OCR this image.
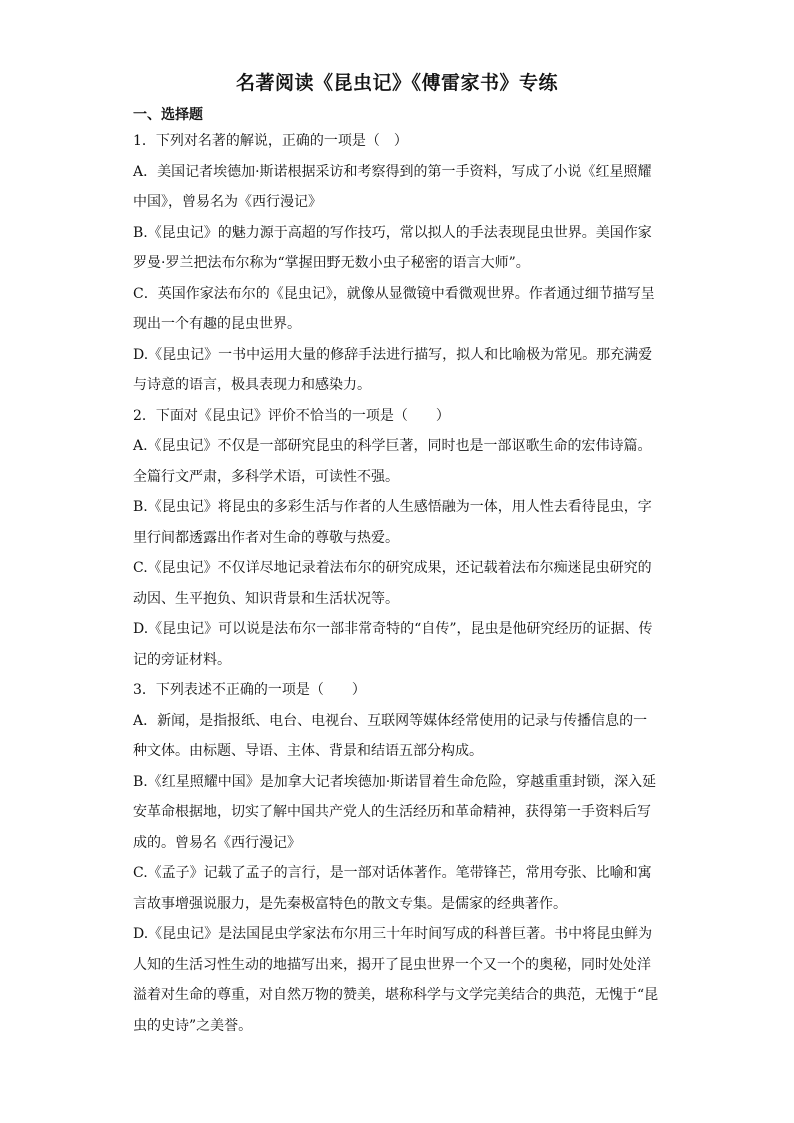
名著阅读《昆虫记》《傅雷家书》专练
一、选择题
1．下列对名著的解说，正确的一项是（　）
A．美国记者埃德加·斯诺根据采访和考察得到的第一手资料，写成了小说《红星照耀
中国》，曾易名为《西行漫记》
B.《昆虫记》的魅力源于高超的写作技巧，常以拟人的手法表现昆虫世界。美国作家
罗曼·罗兰把法布尔称为“掌握田野无数小虫子秘密的语言大师”。
C．英国作家法布尔的《昆虫记》，就像从显微镜中看微观世界。作者通过细节描写呈
现出一个有趣的昆虫世界。
D.《昆虫记》一书中运用大量的修辞手法进行描写，拟人和比喻极为常见。那充满爱
与诗意的语言，极具表现力和感染力。
2．下面对《昆虫记》评价不恰当的一项是（　　）
A.《昆虫记》不仅是一部研究昆虫的科学巨著，同时也是一部讴歌生命的宏伟诗篇。
全篇行文严肃，多科学术语，可读性不强。
B.《昆虫记》将昆虫的多彩生活与作者的人生感悟融为一体，用人性去看待昆虫，字
里行间都透露出作者对生命的尊敬与热爱。
C.《昆虫记》不仅详尽地记录着法布尔的研究成果，还记载着法布尔痴迷昆虫研究的
动因、生平抱负、知识背景和生活状况等。
D.《昆虫记》可以说是法布尔一部非常奇特的“自传”，昆虫是他研究经历的证据、传
记的旁证材料。
3．下列表述不正确的一项是（　　）
A．新闻，是指报纸、电台、电视台、互联网等媒体经常使用的记录与传播信息的一
种文体。由标题、导语、主体、背景和结语五部分构成。
B.《红星照耀中国》是加拿大记者埃德加·斯诺冒着生命危险，穿越重重封锁，深入延
安革命根据地，切实了解中国共产党人的生活经历和革命精神，获得第一手资料后写
成的。曾易名《西行漫记》
C.《孟子》记载了孟子的言行，是一部对话体著作。笔带锋芒，常用夸张、比喻和寓
言故事增强说服力，是先秦极富特色的散文专集。是儒家的经典著作。
D.《昆虫记》是法国昆虫学家法布尔用三十年时间写成的科普巨著。书中将昆虫鲜为
人知的生活习性生动的地描写出来，揭开了昆虫世界一个又一个的奥秘，同时处处洋
溢着对生命的尊重，对自然万物的赞美，堪称科学与文学完美结合的典范，无愧于“昆
虫的史诗”之美誉。
